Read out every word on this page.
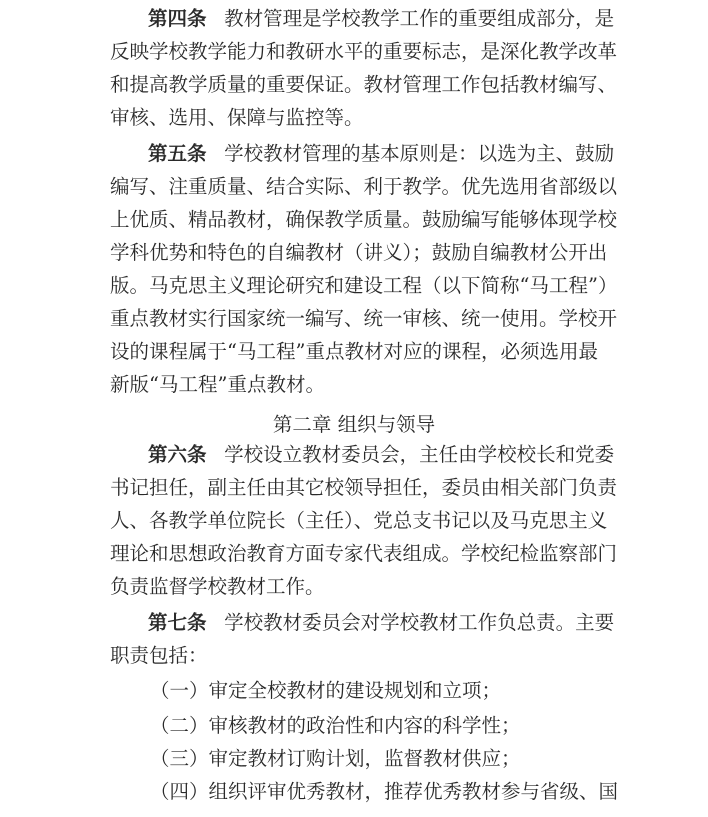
第四条 教材管理是学校教学工作的重要组成部分，是
反映学校教学能力和教研水平的重要标志，是深化教学改革
和提高教学质量的重要保证。教材管理工作包括教材编写、
审核、选用、保障与监控等。
第五条 学校教材管理的基本原则是：以选为主、鼓励
编写、注重质量、结合实际、利于教学。优先选用省部级以
上优质、精品教材，确保教学质量。鼓励编写能够体现学校
学科优势和特色的自编教材（讲义）；鼓励自编教材公开出
版。马克思主义理论研究和建设工程（以下简称“马工程”）
重点教材实行国家统一编写、统一审核、统一使用。学校开
设的课程属于“马工程”重点教材对应的课程，必须选用最
新版“马工程”重点教材。
第二章 组织与领导
第六条 学校设立教材委员会，主任由学校校长和党委
书记担任，副主任由其它校领导担任，委员由相关部门负责
人、各教学单位院长（主任）、党总支书记以及马克思主义
理论和思想政治教育方面专家代表组成。学校纪检监察部门
负责监督学校教材工作。
第七条 学校教材委员会对学校教材工作负总责。主要
职责包括：
（一）审定全校教材的建设规划和立项；
（二）审核教材的政治性和内容的科学性；
（三）审定教材订购计划，监督教材供应；
（四）组织评审优秀教材，推荐优秀教材参与省级、国
